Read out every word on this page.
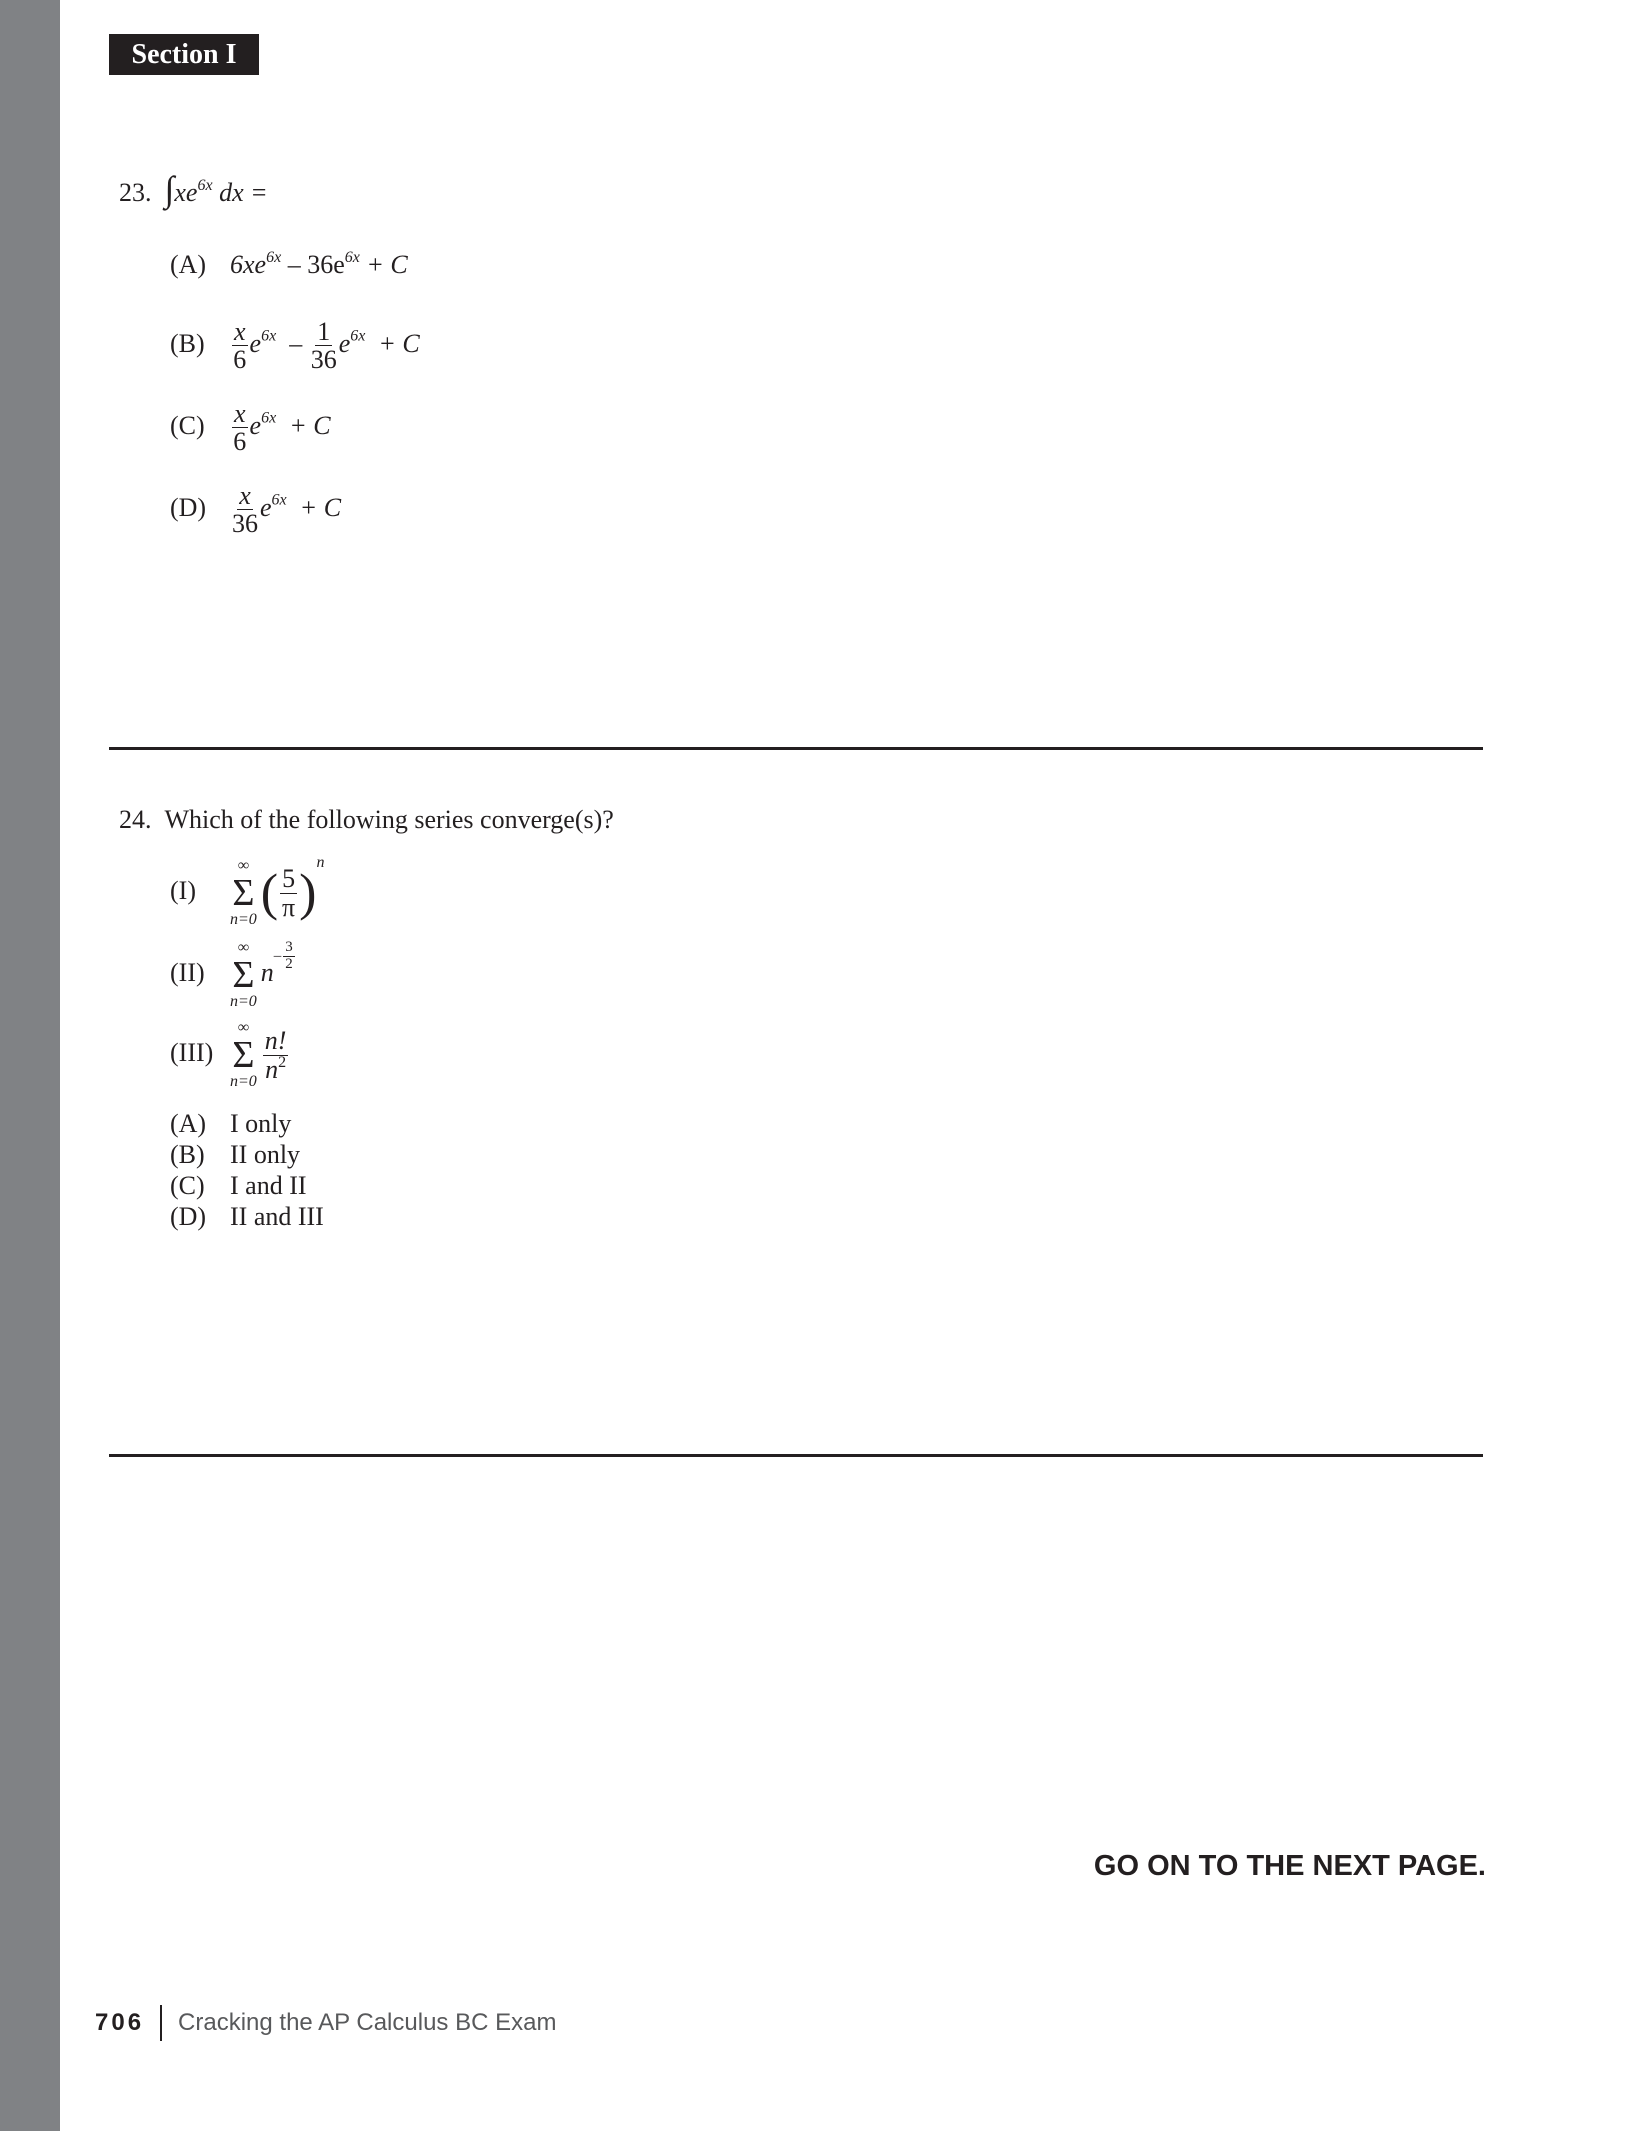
Section I
23. $\int xe^{6x}$ dx =
(A) $6xe^{6x} - 36e^{6x} + C$
$(B) \frac{x}{6} e^{6x} - \frac{1}{36} e^{6x} + C$
$(C) \frac{x}{6} e^{6x} + C$
$(D) \frac{x}{36} e^{6x} + C$
24. Which of the following series converge(s)?
(I)
∞
Σ
n=0 ( $\frac{5}{\pi} )^n$
(II)
∞
Σ
n=0
$n^{- \frac{3}{2}}$
(III)
∞
Σ
$n=0 \frac{n!}{n^2}$
(A) I only
(B) II only
(C) I and II
(D) II and III
GO ON TO THE NEXT PAGE.
706 Cracking the AP Calculus BC Exam
